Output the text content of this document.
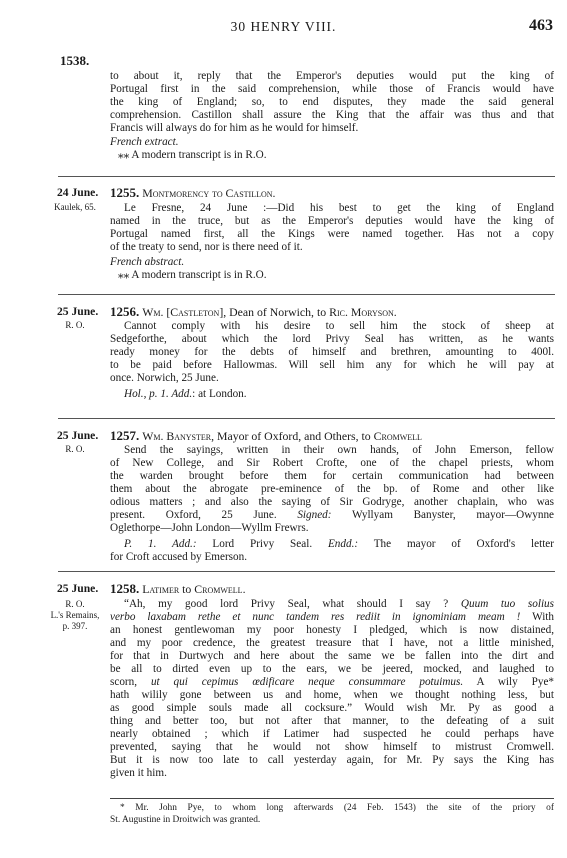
30 HENRY VIII.	463
1538.
to about it, reply that the Emperor's deputies would put the king of
Portugal first in the said comprehension, while those of Francis would have
the king of England; so, to end disputes, they made the said general
comprehension. Castillon shall assure the King that the affair was thus and that
Francis will always do for him as he would for himself.
French extract.
⁎⁎ A modern transcript is in R.O.
24 June.
Kaulek, 65.
1255. Montmorency to Castillon.
Le Fresne, 24 June :—Did his best to get the king of England
named in the truce, but as the Emperor's deputies would have the king of
Portugal named first, all the Kings were named together. Has not a copy
of the treaty to send, nor is there need of it.
French abstract.
⁎⁎ A modern transcript is in R.O.
25 June.
R. O.
1256. Wm. [Castleton], Dean of Norwich, to Ric. Moryson.
Cannot comply with his desire to sell him the stock of sheep at
Sedgeforthe, about which the lord Privy Seal has written, as he wants
ready money for the debts of himself and brethren, amounting to 400l.
to be paid before Hallowmas. Will sell him any for which he will pay at
once. Norwich, 25 June.
Hol., p. 1. Add.: at London.
25 June.
R. O.
1257. Wm. Banyster, Mayor of Oxford, and Others, to Cromwell
Send the sayings, written in their own hands, of John Emerson, fellow
of New College, and Sir Robert Crofte, one of the chapel priests, whom
the warden brought before them for certain communication had between
them about the abrogate pre-eminence of the bp. of Rome and other like
odious matters ; and also the saying of Sir Godryge, another chaplain, who was
present. Oxford, 25 June. Signed: Wyllyam Banyster, mayor—Owynne
Oglethorpe—John London—Wyllm Frewrs.
P. 1. Add.: Lord Privy Seal. Endd.: The mayor of Oxford's letter
for Croft accused by Emerson.
25 June.
R. O.
L.'s Remains,
p. 397.
1258. Latimer to Cromwell.
“Ah, my good lord Privy Seal, what should I say ? Quum tuo solius
verbo laxabam rethe et nunc tandem res rediit in ignominiam meam ! With
an honest gentlewoman my poor honesty I pledged, which is now distained,
and my poor credence, the greatest treasure that I have, not a little minished,
for that in Durtwych and here about the same we be fallen into the dirt and
be all to dirted even up to the ears, we be jeered, mocked, and laughed to
scorn, ut qui cepimus œdificare neque consummare potuimus. A wily Pye*
hath wilily gone between us and home, when we thought nothing less, but
as good simple souls made all cocksure.” Would wish Mr. Py as good a
thing and better too, but not after that manner, to the defeating of a suit
nearly obtained ; which if Latimer had suspected he could perhaps have
prevented, saying that he would not show himself to mistrust Cromwell.
But it is now too late to call yesterday again, for Mr. Py says the King has
given it him.
* Mr. John Pye, to whom long afterwards (24 Feb. 1543) the site of the priory of
St. Augustine in Droitwich was granted.
